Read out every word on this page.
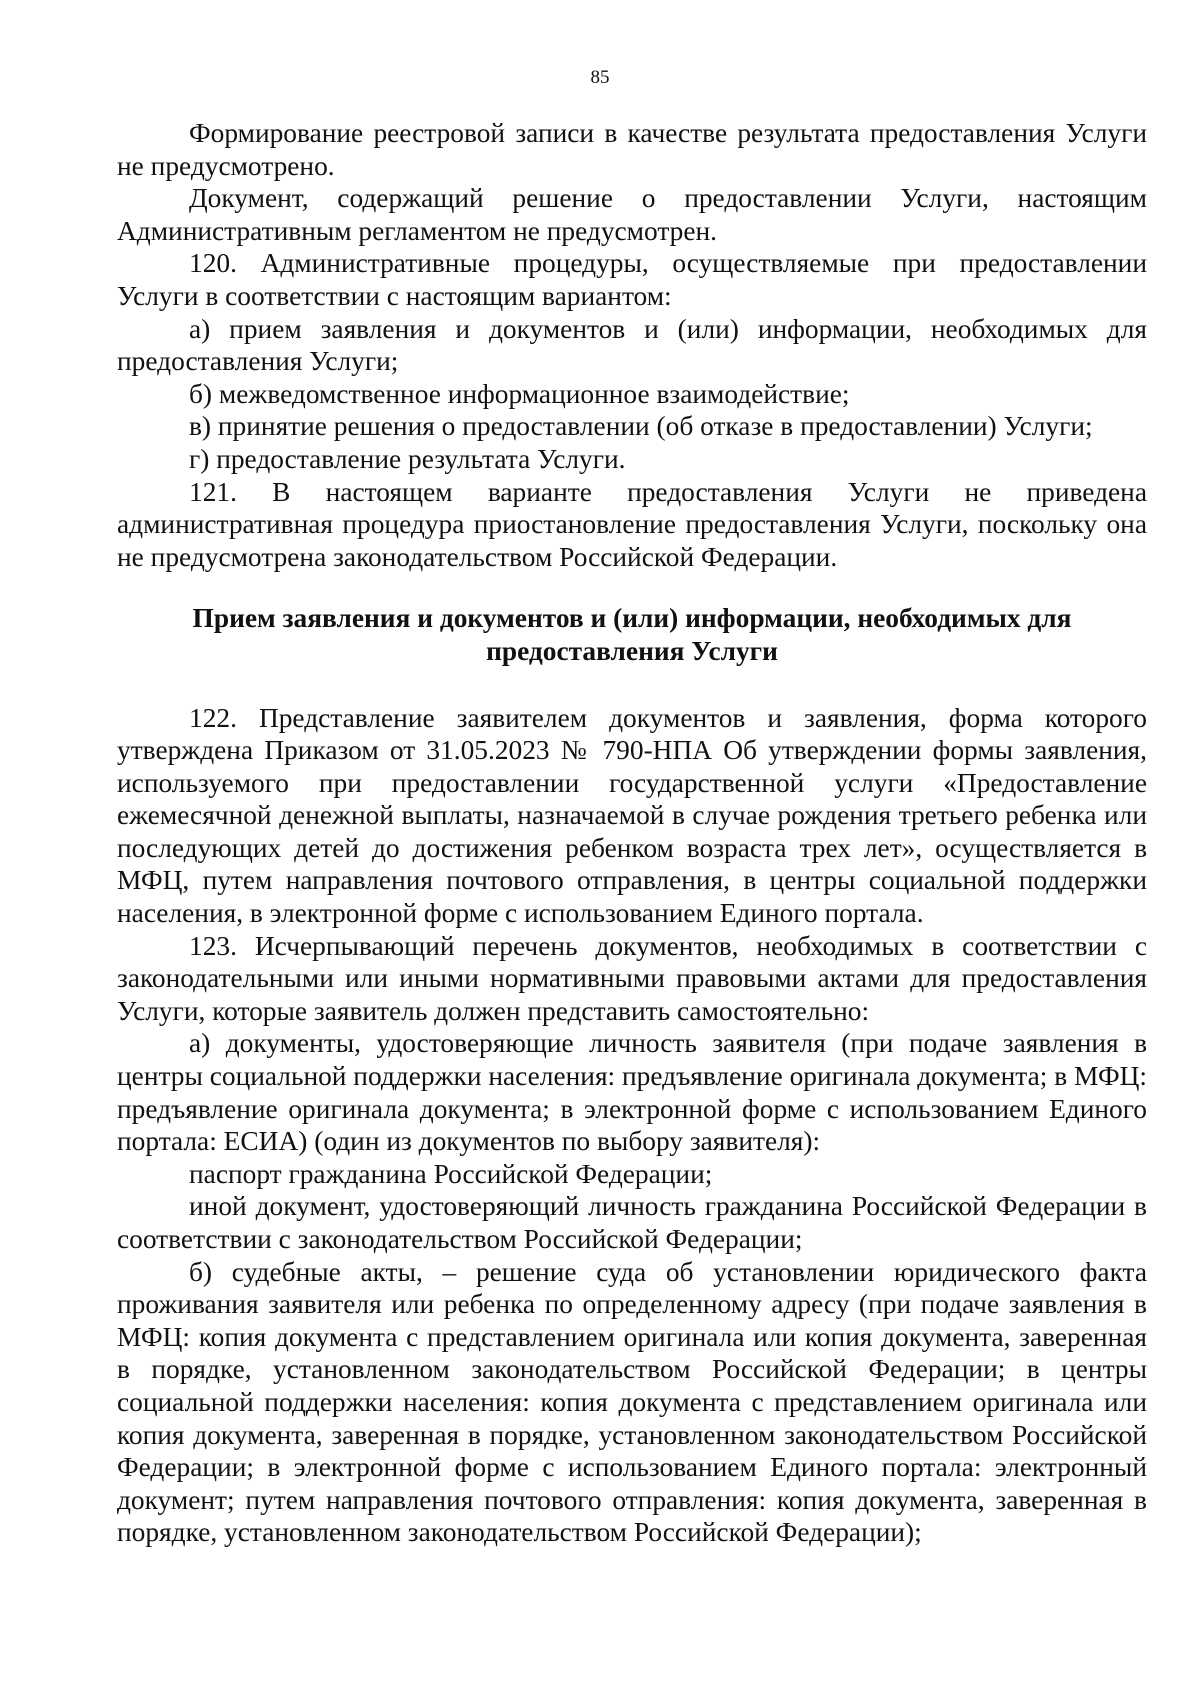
85

Формирование реестровой записи в качестве результата предоставления Услуги не предусмотрено.

Документ, содержащий решение о предоставлении Услуги, настоящим Административным регламентом не предусмотрен.

120. Административные процедуры, осуществляемые при предоставлении Услуги в соответствии с настоящим вариантом:

а) прием заявления и документов и (или) информации, необходимых для предоставления Услуги;

б) межведомственное информационное взаимодействие;

в) принятие решения о предоставлении (об отказе в предоставлении) Услуги;

г) предоставление результата Услуги.

121. В настоящем варианте предоставления Услуги не приведена административная процедура приостановление предоставления Услуги, поскольку она не предусмотрена законодательством Российской Федерации.

Прием заявления и документов и (или) информации, необходимых для
предоставления Услуги

122. Представление заявителем документов и заявления, форма которого утверждена Приказом от 31.05.2023 № 790-НПА Об утверждении формы заявления, используемого при предоставлении государственной услуги «Предоставление ежемесячной денежной выплаты, назначаемой в случае рождения третьего ребенка или последующих детей до достижения ребенком возраста трех лет», осуществляется в МФЦ, путем направления почтового отправления, в центры социальной поддержки населения, в электронной форме с использованием Единого портала.

123. Исчерпывающий перечень документов, необходимых в соответствии с законодательными или иными нормативными правовыми актами для предоставления Услуги, которые заявитель должен представить самостоятельно:

а) документы, удостоверяющие личность заявителя (при подаче заявления в центры социальной поддержки населения: предъявление оригинала документа; в МФЦ: предъявление оригинала документа; в электронной форме с использованием Единого портала: ЕСИА) (один из документов по выбору заявителя):

паспорт гражданина Российской Федерации;

иной документ, удостоверяющий личность гражданина Российской Федерации в соответствии с законодательством Российской Федерации;

б) судебные акты, – решение суда об установлении юридического факта проживания заявителя или ребенка по определенному адресу (при подаче заявления в МФЦ: копия документа с представлением оригинала или копия документа, заверенная в порядке, установленном законодательством Российской Федерации; в центры социальной поддержки населения: копия документа с представлением оригинала или копия документа, заверенная в порядке, установленном законодательством Российской Федерации; в электронной форме с использованием Единого портала: электронный документ; путем направления почтового отправления: копия документа, заверенная в порядке, установленном законодательством Российской Федерации);
